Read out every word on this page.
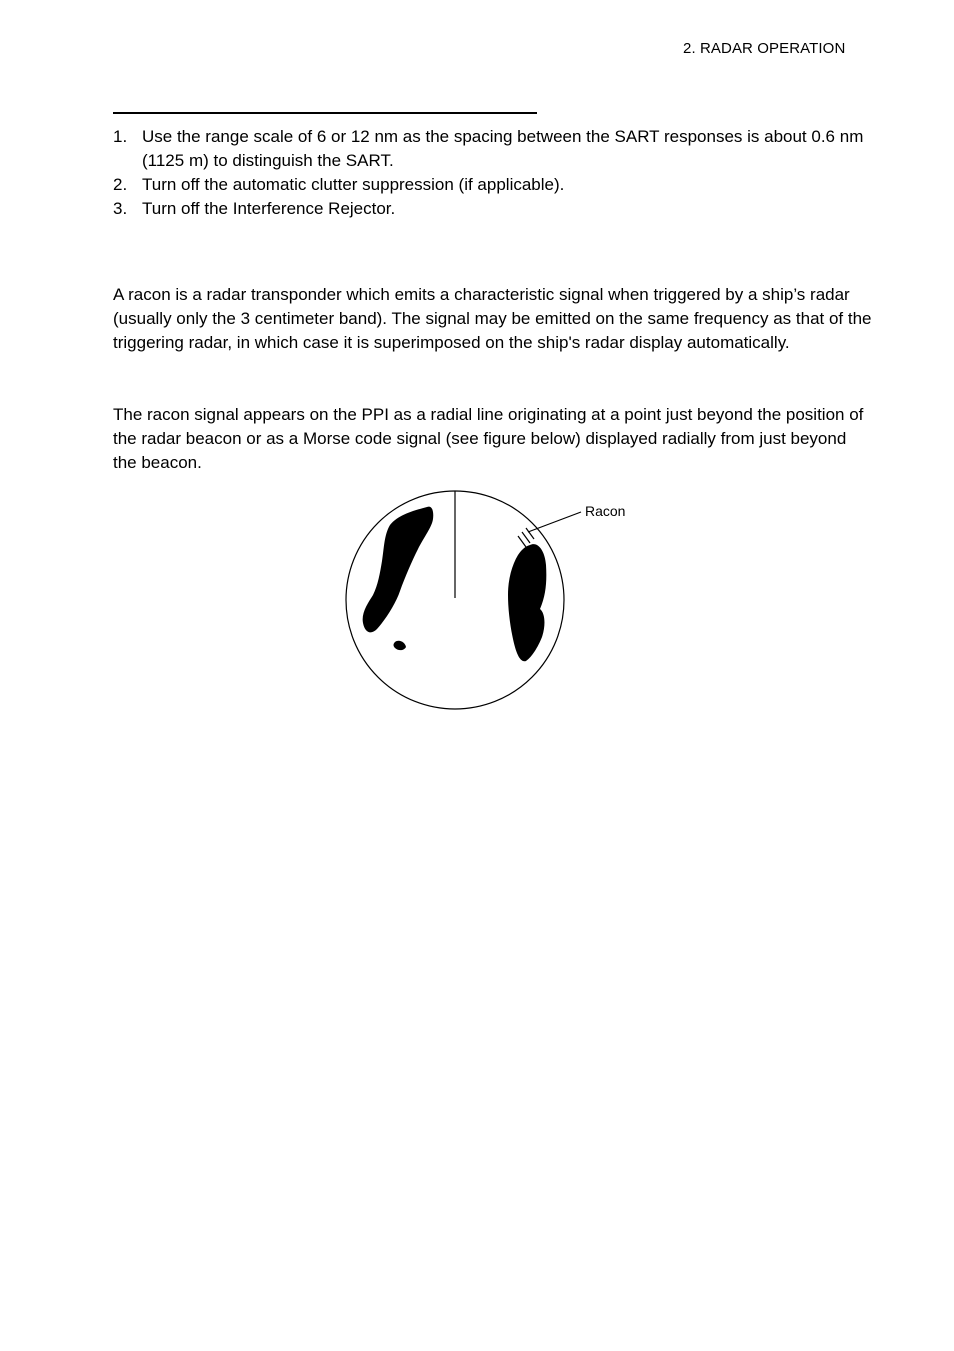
2. RADAR OPERATION
1. Use the range scale of 6 or 12 nm as the spacing between the SART responses is about 0.6 nm (1125 m) to distinguish the SART.
2. Turn off the automatic clutter suppression (if applicable).
3. Turn off the Interference Rejector.
A racon is a radar transponder which emits a characteristic signal when triggered by a ship’s radar (usually only the 3 centimeter band). The signal may be emitted on the same frequency as that of the triggering radar, in which case it is superimposed on the ship's radar display automatically.
The racon signal appears on the PPI as a radial line originating at a point just beyond the position of the radar beacon or as a Morse code signal (see figure below) displayed radially from just beyond the beacon.
Racon
